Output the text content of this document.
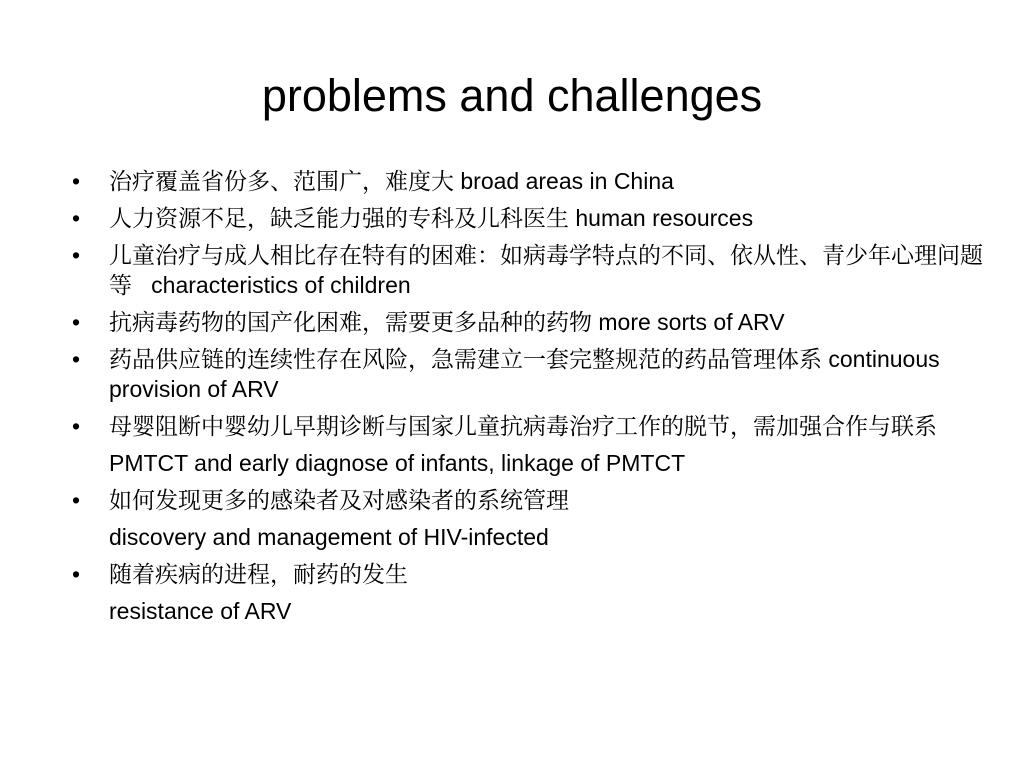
problems and challenges
•	治疗覆盖省份多、范围广，难度大 broad areas in China
•	人力资源不足，缺乏能力强的专科及儿科医生 human resources
•	儿童治疗与成人相比存在特有的困难：如病毒学特点的不同、依从性、青少年心理问题等   characteristics of children
•	抗病毒药物的国产化困难，需要更多品种的药物 more sorts of ARV
•	药品供应链的连续性存在风险，急需建立一套完整规范的药品管理体系 continuous provision of ARV
•	母婴阻断中婴幼儿早期诊断与国家儿童抗病毒治疗工作的脱节，需加强合作与联系
PMTCT and early diagnose of infants, linkage of PMTCT
•	如何发现更多的感染者及对感染者的系统管理
discovery and management of HIV-infected
•	随着疾病的进程，耐药的发生
resistance of ARV
